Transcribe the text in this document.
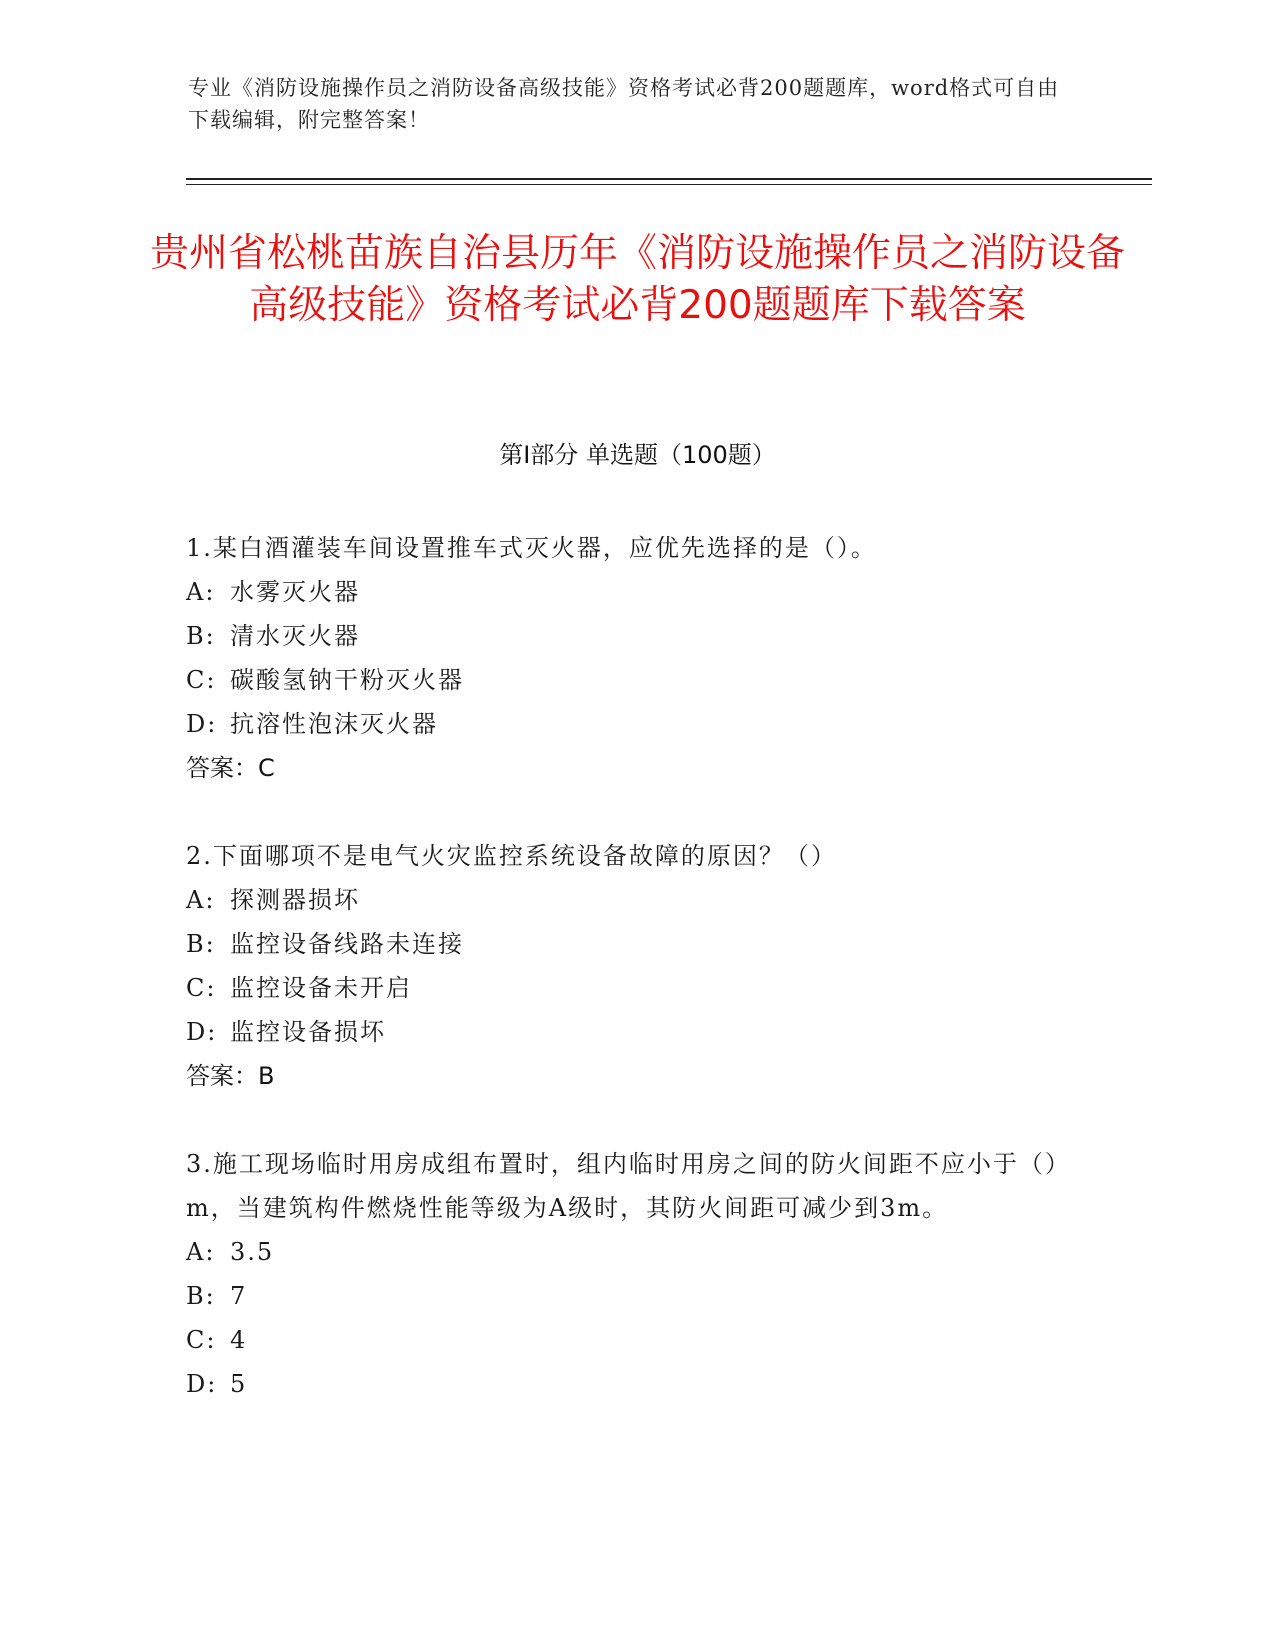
专业《消防设施操作员之消防设备高级技能》资格考试必背200题题库，word格式可自由下载编辑，附完整答案！
贵州省松桃苗族自治县历年《消防设施操作员之消防设备高级技能》资格考试必背200题题库下载答案
第I部分 单选题（100题）

1.某白酒灌装车间设置推车式灭火器，应优先选择的是（）。

A: 水雾灭火器

B: 清水灭火器

C: 碳酸氢钠干粉灭火器

D: 抗溶性泡沫灭火器

答案：C

2.下面哪项不是电气火灾监控系统设备故障的原因？（）

A: 探测器损坏

B: 监控设备线路未连接

C: 监控设备未开启

D: 监控设备损坏

答案：B

3.施工现场临时用房成组布置时，组内临时用房之间的防火间距不应小于（）m，当建筑构件燃烧性能等级为A级时，其防火间距可减少到3m。

A: 3.5

B: 7

C: 4

D: 5
